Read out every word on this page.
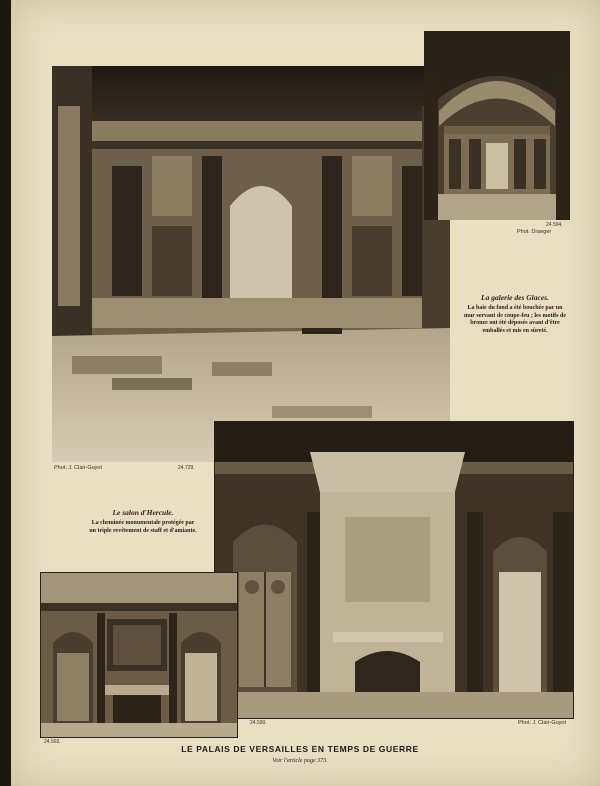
Phot. J. Clair-Guyot	24.729.
24.594.
Phot. Draeger
24.590.	Phot. J. Clair-Guyot
24.592.
La galerie des Glaces.
La baie du fond a été bouchée par un mur servant de coupe-feu ; les motifs de bronze ont été déposés avant d'être emballés et mis en sûreté.
Le salon d'Hercule.
La cheminée monumentale protégée par un triple revêtement de staff et d'amiante.
LE PALAIS DE VERSAILLES EN TEMPS DE GUERRE
Voir l'article page 373.
